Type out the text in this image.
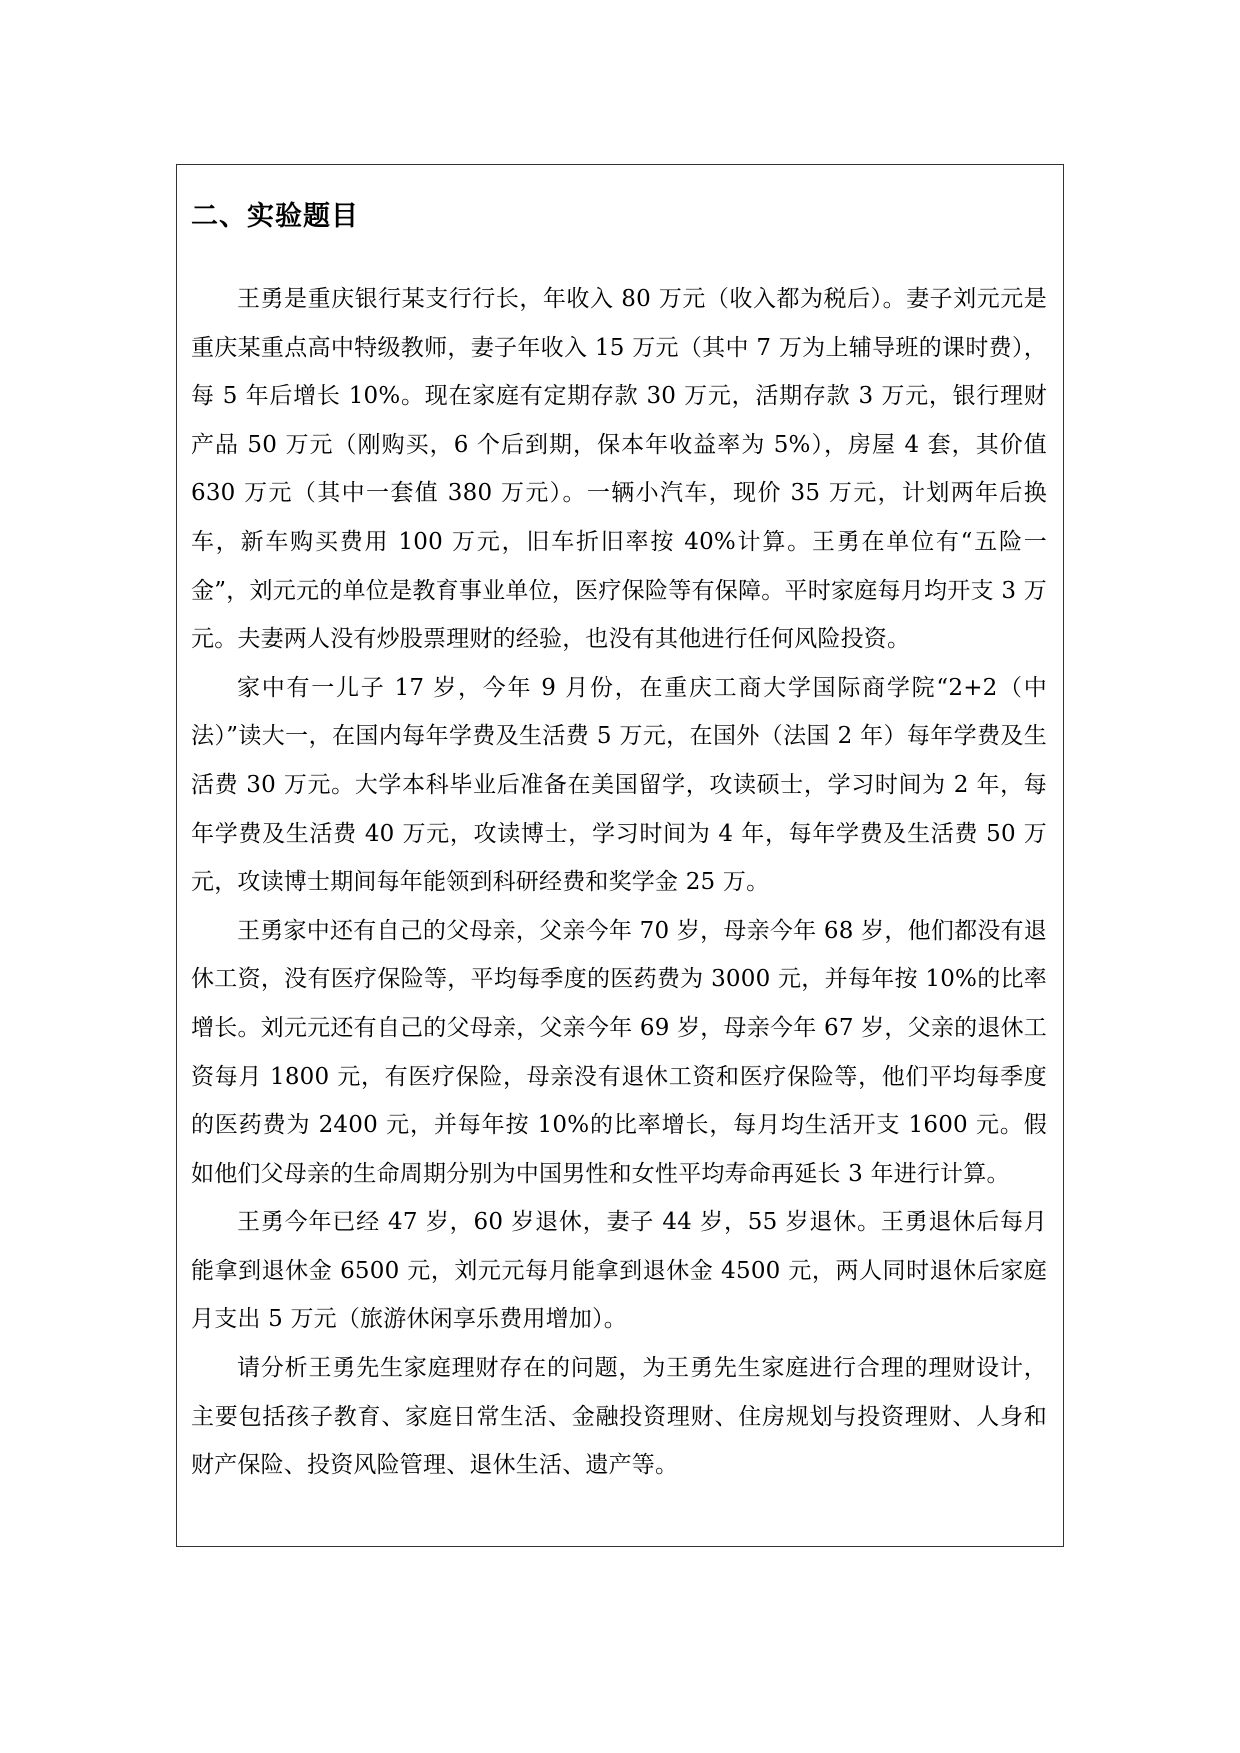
二、实验题目

王勇是重庆银行某支行行长，年收入 80 万元（收入都为税后）。妻子刘元元是重庆某重点高中特级教师，妻子年收入 15 万元（其中 7 万为上辅导班的课时费），每 5 年后增长 10%。现在家庭有定期存款 30 万元，活期存款 3 万元，银行理财产品 50 万元（刚购买，6 个后到期，保本年收益率为 5%），房屋 4 套，其价值 630 万元（其中一套值 380 万元）。一辆小汽车，现价 35 万元，计划两年后换车，新车购买费用 100 万元，旧车折旧率按 40%计算。王勇在单位有“五险一金”，刘元元的单位是教育事业单位，医疗保险等有保障。平时家庭每月均开支 3 万元。夫妻两人没有炒股票理财的经验，也没有其他进行任何风险投资。

家中有一儿子 17 岁，今年 9 月份，在重庆工商大学国际商学院“2+2（中法）”读大一，在国内每年学费及生活费 5 万元，在国外（法国 2 年）每年学费及生活费 30 万元。大学本科毕业后准备在美国留学，攻读硕士，学习时间为 2 年，每年学费及生活费 40 万元，攻读博士，学习时间为 4 年，每年学费及生活费 50 万元，攻读博士期间每年能领到科研经费和奖学金 25 万。

王勇家中还有自己的父母亲，父亲今年 70 岁，母亲今年 68 岁，他们都没有退休工资，没有医疗保险等，平均每季度的医药费为 3000 元，并每年按 10%的比率增长。刘元元还有自己的父母亲，父亲今年 69 岁，母亲今年 67 岁，父亲的退休工资每月 1800 元，有医疗保险，母亲没有退休工资和医疗保险等，他们平均每季度的医药费为 2400 元，并每年按 10%的比率增长，每月均生活开支 1600 元。假如他们父母亲的生命周期分别为中国男性和女性平均寿命再延长 3 年进行计算。

王勇今年已经 47 岁，60 岁退休，妻子 44 岁，55 岁退休。王勇退休后每月能拿到退休金 6500 元，刘元元每月能拿到退休金 4500 元，两人同时退休后家庭月支出 5 万元（旅游休闲享乐费用增加）。

请分析王勇先生家庭理财存在的问题，为王勇先生家庭进行合理的理财设计，主要包括孩子教育、家庭日常生活、金融投资理财、住房规划与投资理财、人身和财产保险、投资风险管理、退休生活、遗产等。
